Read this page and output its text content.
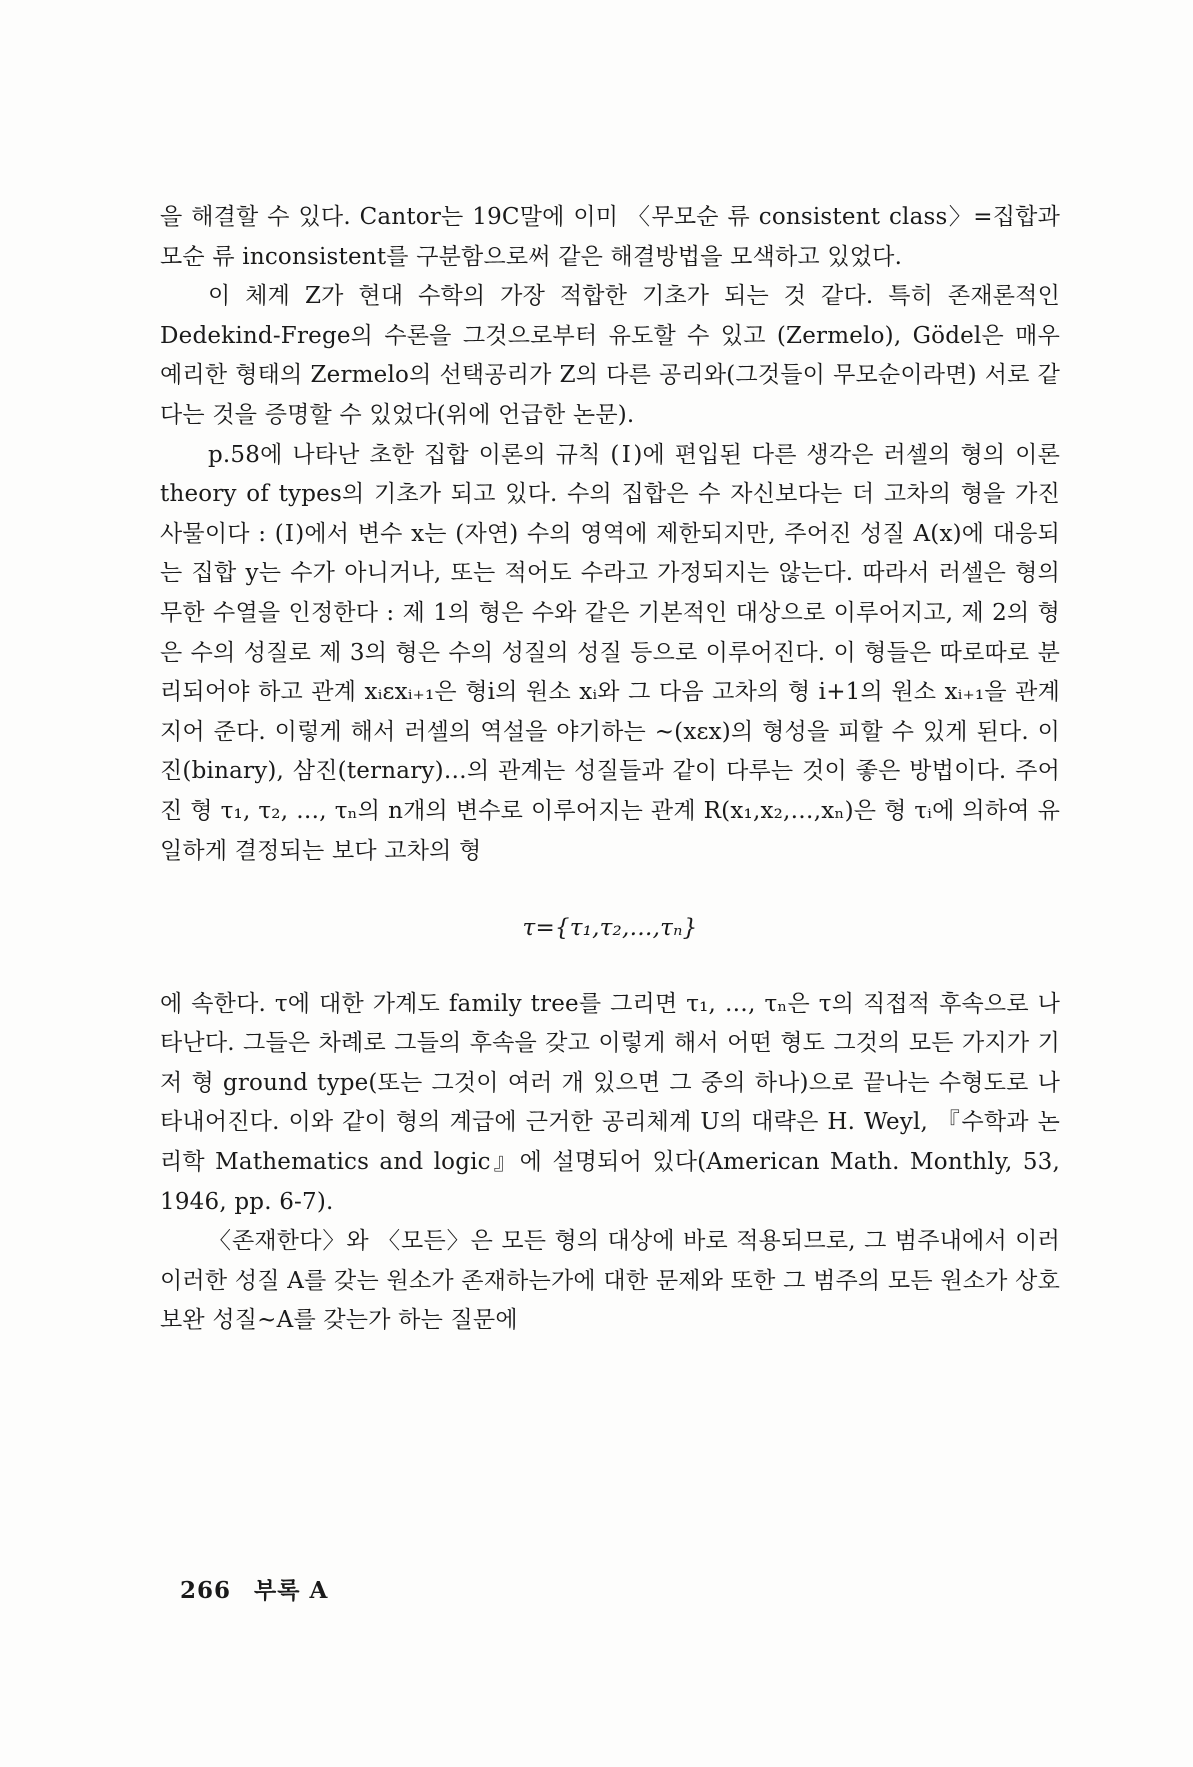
을 해결할 수 있다. Cantor는 19C말에 이미 〈무모순 류 consistent class〉=집합과 모순 류 inconsistent를 구분함으로써 같은 해결방법을 모색하고 있었다.

이 체계 Z가 현대 수학의 가장 적합한 기초가 되는 것 같다. 특히 존재론적인 Dedekind-Frege의 수론을 그것으로부터 유도할 수 있고 (Zermelo), Gödel은 매우 예리한 형태의 Zermelo의 선택공리가 Z의 다른 공리와(그것들이 무모순이라면) 서로 같다는 것을 증명할 수 있었다(위에 언급한 논문).

p.58에 나타난 초한 집합 이론의 규칙 (Ⅰ)에 편입된 다른 생각은 러셀의 형의 이론 theory of types의 기초가 되고 있다. 수의 집합은 수 자신보다는 더 고차의 형을 가진 사물이다 : (Ⅰ)에서 변수 x는 (자연) 수의 영역에 제한되지만, 주어진 성질 A(x)에 대응되는 집합 y는 수가 아니거나, 또는 적어도 수라고 가정되지는 않는다. 따라서 러셀은 형의 무한 수열을 인정한다 : 제 1의 형은 수와 같은 기본적인 대상으로 이루어지고, 제 2의 형은 수의 성질로 제 3의 형은 수의 성질의 성질 등으로 이루어진다. 이 형들은 따로따로 분리되어야 하고 관계 xᵢεxᵢ₊₁은 형i의 원소 xᵢ와 그 다음 고차의 형 i+1의 원소 xᵢ₊₁을 관계지어 준다. 이렇게 해서 러셀의 역설을 야기하는 ~(xεx)의 형성을 피할 수 있게 된다. 이진(binary), 삼진(ternary)…의 관계는 성질들과 같이 다루는 것이 좋은 방법이다. 주어진 형 τ₁, τ₂, …, τₙ의 n개의 변수로 이루어지는 관계 R(x₁,x₂,…,xₙ)은 형 τᵢ에 의하여 유일하게 결정되는 보다 고차의 형

τ={τ₁,τ₂,…,τₙ}

에 속한다. τ에 대한 가계도 family tree를 그리면 τ₁, …, τₙ은 τ의 직접적 후속으로 나타난다. 그들은 차례로 그들의 후속을 갖고 이렇게 해서 어떤 형도 그것의 모든 가지가 기저 형 ground type(또는 그것이 여러 개 있으면 그 중의 하나)으로 끝나는 수형도로 나타내어진다. 이와 같이 형의 계급에 근거한 공리체계 U의 대략은 H. Weyl, 『수학과 논리학 Mathematics and logic』에 설명되어 있다(American Math. Monthly, 53, 1946, pp. 6-7).

〈존재한다〉와 〈모든〉은 모든 형의 대상에 바로 적용되므로, 그 범주내에서 이러이러한 성질 A를 갖는 원소가 존재하는가에 대한 문제와 또한 그 범주의 모든 원소가 상호보완 성질~A를 갖는가 하는 질문에

266 부록 A
